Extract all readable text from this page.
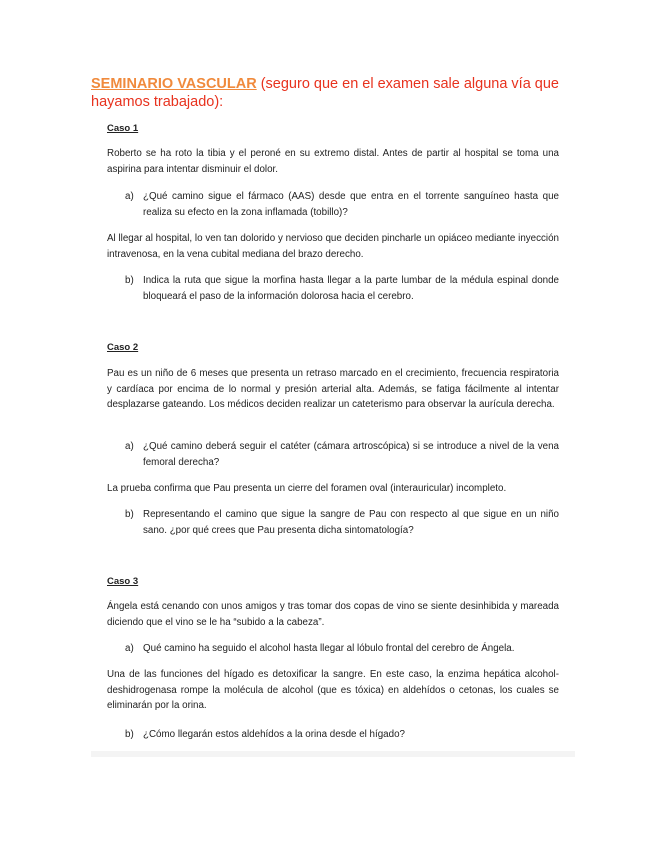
SEMINARIO VASCULAR (seguro que en el examen sale alguna vía que hayamos trabajado):
Caso 1
Roberto se ha roto la tibia y el peroné en su extremo distal. Antes de partir al hospital se toma una aspirina para intentar disminuir el dolor.
a) ¿Qué camino sigue el fármaco (AAS) desde que entra en el torrente sanguíneo hasta que realiza su efecto en la zona inflamada (tobillo)?
Al llegar al hospital, lo ven tan dolorido y nervioso que deciden pincharle un opiáceo mediante inyección intravenosa, en la vena cubital mediana del brazo derecho.
b) Indica la ruta que sigue la morfina hasta llegar a la parte lumbar de la médula espinal donde bloqueará el paso de la información dolorosa hacia el cerebro.
Caso 2
Pau es un niño de 6 meses que presenta un retraso marcado en el crecimiento, frecuencia respiratoria y cardíaca por encima de lo normal y presión arterial alta. Además, se fatiga fácilmente al intentar desplazarse gateando. Los médicos deciden realizar un cateterismo para observar la aurícula derecha.
a) ¿Qué camino deberá seguir el catéter (cámara artroscópica) si se introduce a nivel de la vena femoral derecha?
La prueba confirma que Pau presenta un cierre del foramen oval (interauricular) incompleto.
b) Representando el camino que sigue la sangre de Pau con respecto al que sigue en un niño sano. ¿por qué crees que Pau presenta dicha sintomatología?
Caso 3
Ángela está cenando con unos amigos y tras tomar dos copas de vino se siente desinhibida y mareada diciendo que el vino se le ha “subido a la cabeza”.
a) Qué camino ha seguido el alcohol hasta llegar al lóbulo frontal del cerebro de Ángela.
Una de las funciones del hígado es detoxificar la sangre. En este caso, la enzima hepática alcohol-deshidrogenasa rompe la molécula de alcohol (que es tóxica) en aldehídos o cetonas, los cuales se eliminarán por la orina.
b) ¿Cómo llegarán estos aldehídos a la orina desde el hígado?
